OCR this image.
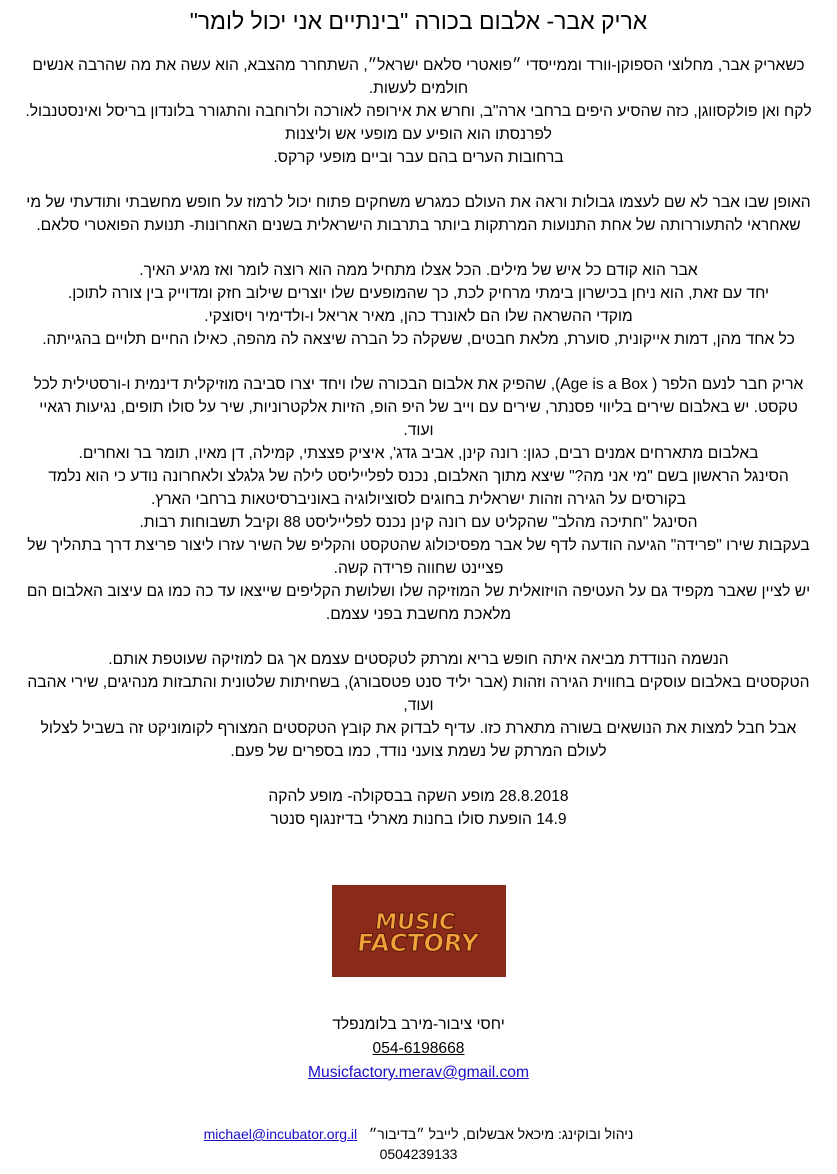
אריק אבר- אלבום בכורה "בינתיים אני יכול לומר"

כשאריק אבר, מחלוצי הספוקן-וורד וממייסדי ״פואטרי סלאם ישראל״, השתחרר מהצבא, הוא עשה את מה שהרבה אנשים חולמים לעשות.

לקח ואן פולקסווגן, כזה שהסיע היפים ברחבי ארה"ב, וחרש את אירופה לאורכה ולרוחבה והתגורר בלונדון בריסל ואינסטנבול. לפרנסתו הוא הופיע עם מופעי אש וליצנות

ברחובות הערים בהם עבר וביים מופעי קרקס.

האופן שבו אבר לא שם לעצמו גבולות וראה את העולם כמגרש משחקים פתוח יכול לרמוז על חופש מחשבתי ותודעתי של מי שאחראי להתעוררותה של אחת התנועות המרתקות ביותר בתרבות הישראלית בשנים האחרונות- תנועת הפואטרי סלאם.

אבר הוא קודם כל איש של מילים. הכל אצלו מתחיל ממה הוא רוצה לומר ואז מגיע האיך.

יחד עם זאת, הוא ניחן בכישרון בימתי מרחיק לכת, כך שהמופעים שלו יוצרים שילוב חזק ומדוייק בין צורה לתוכן.

מוקדי ההשראה שלו הם לאונרד כהן, מאיר אריאל ו-ולדימיר ויסוצקי.

כל אחד מהן, דמות אייקונית, סוערת, מלאת חבטים, ששקלה כל הברה שיצאה לה מהפה, כאילו החיים תלויים בהגייתה.

אריק חבר לנעם הלפר ( Age is a Box), שהפיק את אלבום הבכורה שלו ויחד יצרו סביבה מוזיקלית דינמית ו-ורסטילית לכל טקסט. יש באלבום שירים בליווי פסנתר, שירים עם וייב של היפ הופ, הזיות אלקטרוניות, שיר על סולו תופים, נגיעות רגאיי ועוד.

באלבום מתארחים אמנים רבים, כגון: רונה קינן, אביב גדג', איציק פצצתי, קמילה, דן מאיו, תומר בר ואחרים.

הסינגל הראשון בשם "מי אני מה?" שיצא מתוך האלבום, נכנס לפלייליסט לילה של גלגלצ ולאחרונה נודע כי הוא נלמד בקורסים על הגירה וזהות ישראלית בחוגים לסוציולוגיה באוניברסיטאות ברחבי הארץ.

הסינגל "חתיכה מהלב" שהקליט עם רונה קינן נכנס לפלייליסט 88 וקיבל תשבוחות רבות.

בעקבות שירו "פרידה" הגיעה הודעה לדף של אבר מפסיכולוג שהטקסט והקליפ של השיר עזרו ליצור פריצת דרך בתהליך של פציינט שחווה פרידה קשה.

יש לציין שאבר מקפיד גם על העטיפה הויזואלית של המוזיקה שלו ושלושת הקליפים שייצאו עד כה כמו גם עיצוב האלבום הם מלאכת מחשבת בפני עצמם.

הנשמה הנודדת מביאה איתה חופש בריא ומרתק לטקסטים עצמם אך גם למוזיקה שעוטפת אותם.

הטקסטים באלבום עוסקים בחווית הגירה וזהות (אבר יליד סנט פטסבורג), בשחיתות שלטונית והתבזות מנהיגים, שירי אהבה ועוד,

אבל חבל למצות את הנושאים בשורה מתארת כזו. עדיף לבדוק את קובץ הטקסטים המצורף לקומוניקט זה בשביל לצלול לעולם המרתק של נשמת צועני נודד, כמו בספרים של פעם.

28.8.2018 מופע השקה בבסקולה- מופע להקה

14.9 הופעת סולו בחנות מארלי בדיזנגוף סנטר

MUSIC
FACTORY
יחסי ציבור-מירב בלומנפלד
054-6198668
Musicfactory.merav@gmail.com
ניהול ובוקינג: מיכאל אבשלום, לייבל ״בדיבור״   michael@incubator.org.il
0504239133
